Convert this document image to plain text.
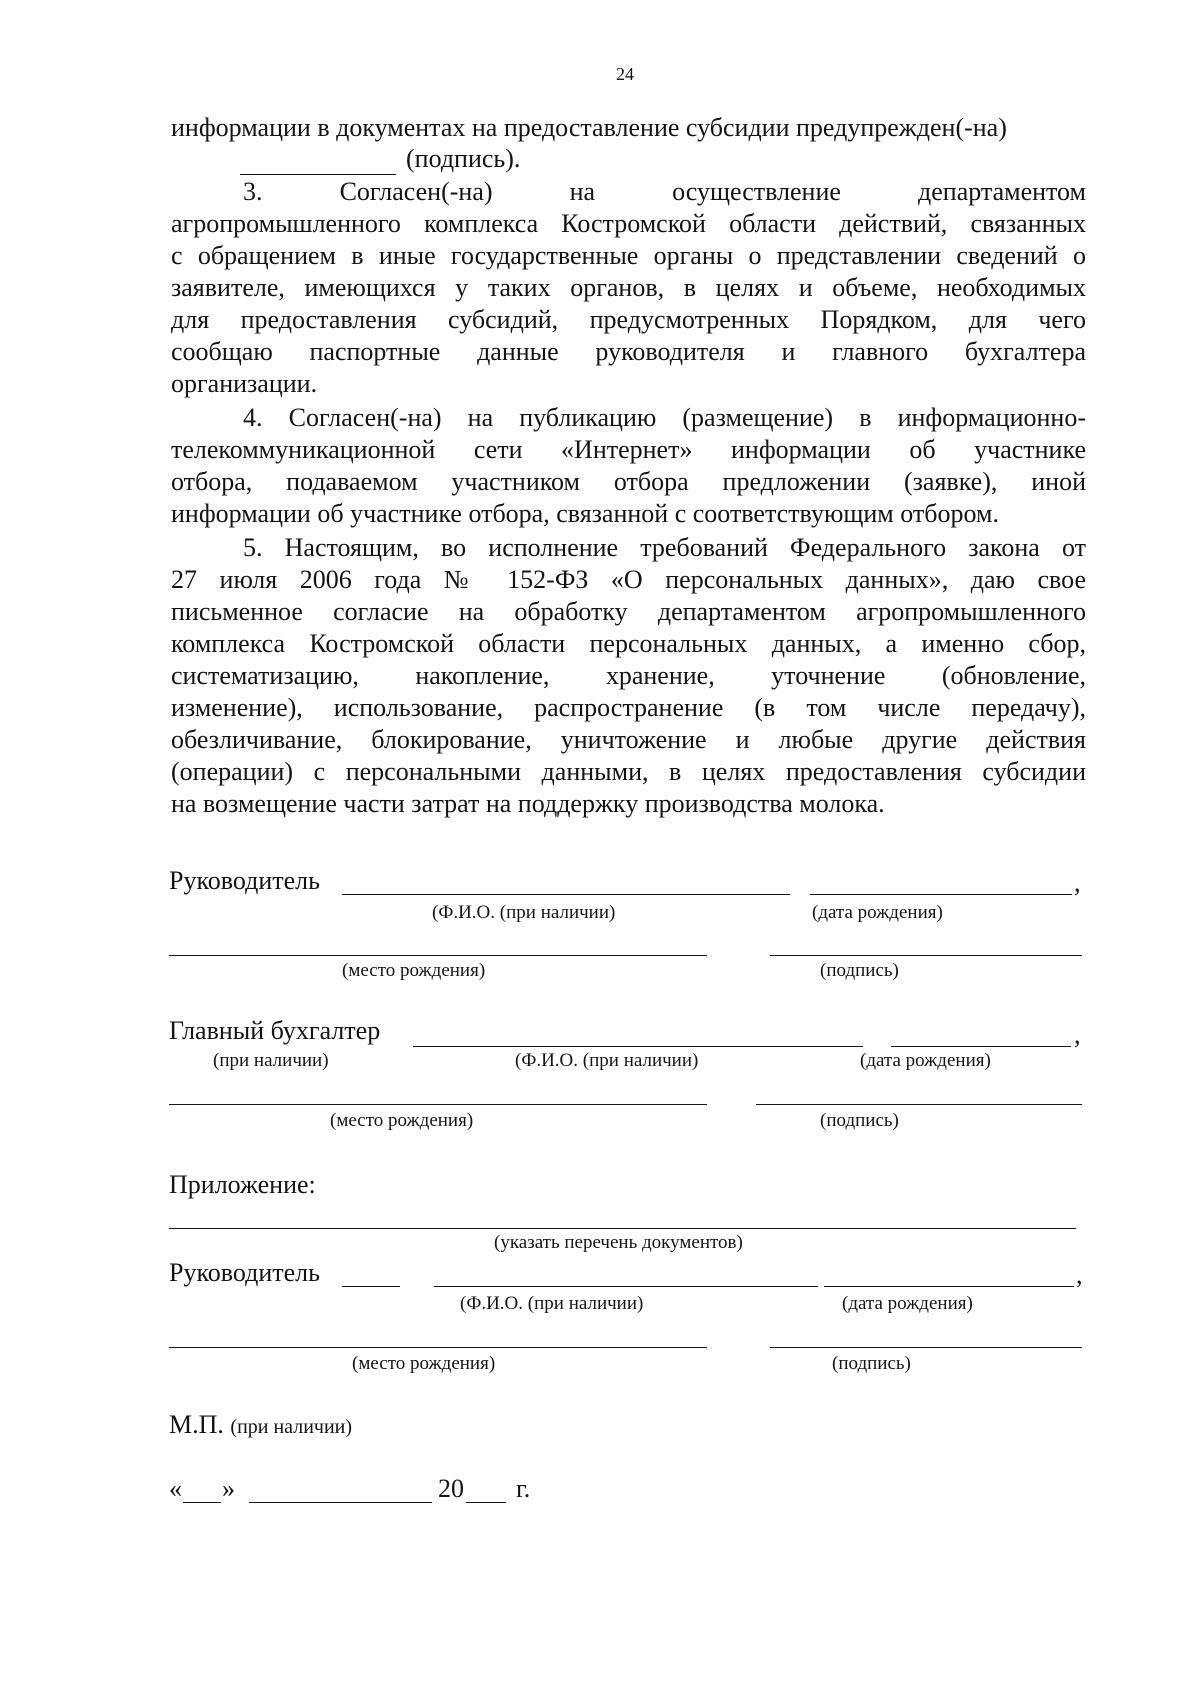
24
информации в документах на предоставление субсидии предупрежден(-на)
(подпись).
3. Согласен(-на) на осуществление департаментом
агропромышленного комплекса Костромской области действий, связанных
с обращением в иные государственные органы о представлении сведений о
заявителе, имеющихся у таких органов, в целях и объеме, необходимых
для предоставления субсидий, предусмотренных Порядком, для чего
сообщаю паспортные данные руководителя и главного бухгалтера
организации.
4. Согласен(-на) на публикацию (размещение) в информационно-
телекоммуникационной сети «Интернет» информации об участнике
отбора, подаваемом участником отбора предложении (заявке), иной
информации об участнике отбора, связанной с соответствующим отбором.
5. Настоящим, во исполнение требований Федерального закона от
27 июля 2006 года № 152-ФЗ «О персональных данных», даю свое
письменное согласие на обработку департаментом агропромышленного
комплекса Костромской области персональных данных, а именно сбор,
систематизацию, накопление, хранение, уточнение (обновление,
изменение), использование, распространение (в том числе передачу),
обезличивание, блокирование, уничтожение и любые другие действия
(операции) с персональными данными, в целях предоставления субсидии
на возмещение части затрат на поддержку производства молока.
Руководитель	,
(Ф.И.О. (при наличии)	(дата рождения)
(место рождения)	(подпись)
Главный бухгалтер	,
(при наличии)	(Ф.И.О. (при наличии)	(дата рождения)
(место рождения)	(подпись)
Приложение:
(указать перечень документов)
Руководитель	,
(Ф.И.О. (при наличии)	(дата рождения)
(место рождения)	(подпись)
М.П. (при наличии)
« »	20 г.
